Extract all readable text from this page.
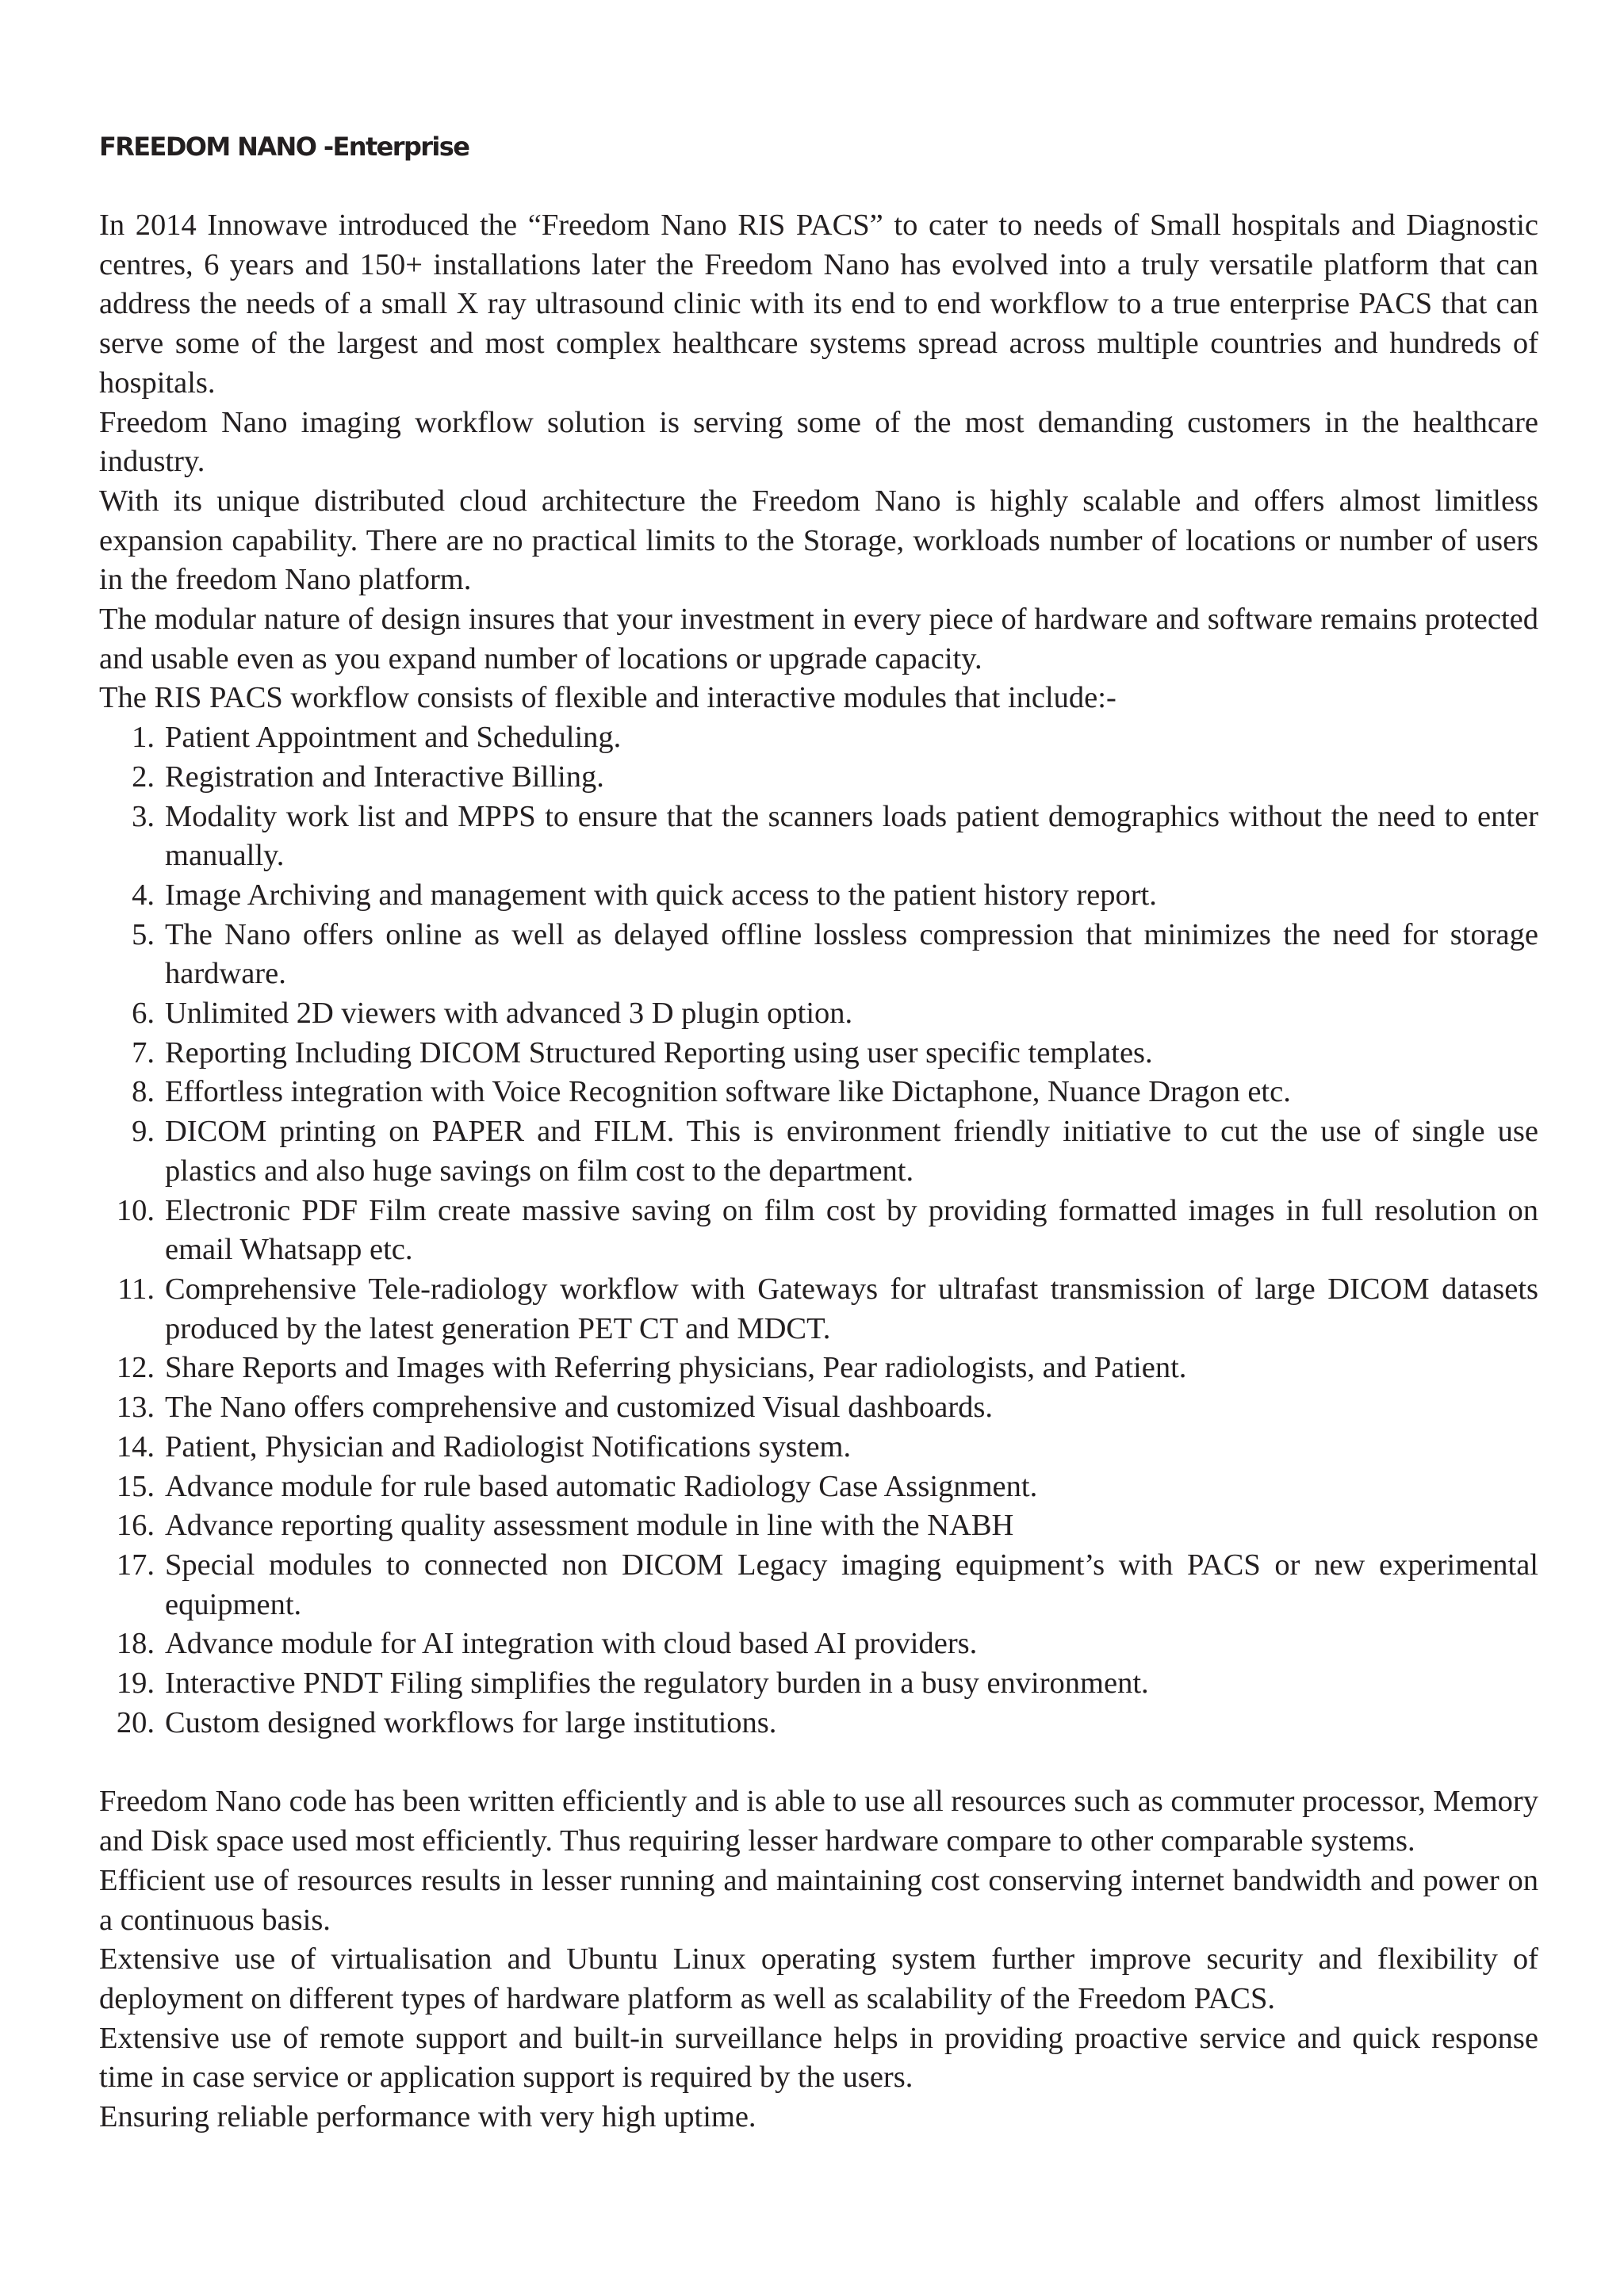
FREEDOM NANO -Enterprise

In 2014 Innowave introduced the “Freedom Nano RIS PACS” to cater to needs of Small hospitals and Diagnostic centres, 6 years and 150+ installations later the Freedom Nano has evolved into a truly versatile platform that can address the needs of a small X ray ultrasound clinic with its end to end workflow to a true enterprise PACS that can serve some of the largest and most complex healthcare systems spread across multiple countries and hundreds of hospitals.

Freedom Nano imaging workflow solution is serving some of the most demanding customers in the healthcare industry.

With its unique distributed cloud architecture the Freedom Nano is highly scalable and offers almost limitless expansion capability. There are no practical limits to the Storage, workloads number of locations or number of users in the freedom Nano platform.

The modular nature of design insures that your investment in every piece of hardware and software remains protected and usable even as you expand number of locations or upgrade capacity.

The RIS PACS workflow consists of flexible and interactive modules that include:-

1. Patient Appointment and Scheduling.
2. Registration and Interactive Billing.
3. Modality work list and MPPS to ensure that the scanners loads patient demographics without the need to enter manually.
4. Image Archiving and management with quick access to the patient history report.
5. The Nano offers online as well as delayed offline lossless compression that minimizes the need for storage hardware.
6. Unlimited 2D viewers with advanced 3 D plugin option.
7. Reporting Including DICOM Structured Reporting using user specific templates.
8. Effortless integration with Voice Recognition software like Dictaphone, Nuance Dragon etc.
9. DICOM printing on PAPER and FILM. This is environment friendly initiative to cut the use of single use plastics and also huge savings on film cost to the department.
10. Electronic PDF Film create massive saving on film cost by providing formatted images in full resolution on email Whatsapp etc.
11. Comprehensive Tele-radiology workflow with Gateways for ultrafast transmission of large DICOM datasets produced by the latest generation PET CT and MDCT.
12. Share Reports and Images with Referring physicians, Pear radiologists, and Patient.
13. The Nano offers comprehensive and customized Visual dashboards.
14. Patient, Physician and Radiologist Notifications system.
15. Advance module for rule based automatic Radiology Case Assignment.
16. Advance reporting quality assessment module in line with the NABH
17. Special modules to connected non DICOM Legacy imaging equipment’s with PACS or new experimental equipment.
18. Advance module for AI integration with cloud based AI providers.
19. Interactive PNDT Filing simplifies the regulatory burden in a busy environment.
20. Custom designed workflows for large institutions.

Freedom Nano code has been written efficiently and is able to use all resources such as commuter processor, Memory and Disk space used most efficiently. Thus requiring lesser hardware compare to other comparable systems.

Efficient use of resources results in lesser running and maintaining cost conserving internet bandwidth and power on a continuous basis.

Extensive use of virtualisation and Ubuntu Linux operating system further improve security and flexibility of deployment on different types of hardware platform as well as scalability of the Freedom PACS.

Extensive use of remote support and built-in surveillance helps in providing proactive service and quick response time in case service or application support is required by the users.

Ensuring reliable performance with very high uptime.
